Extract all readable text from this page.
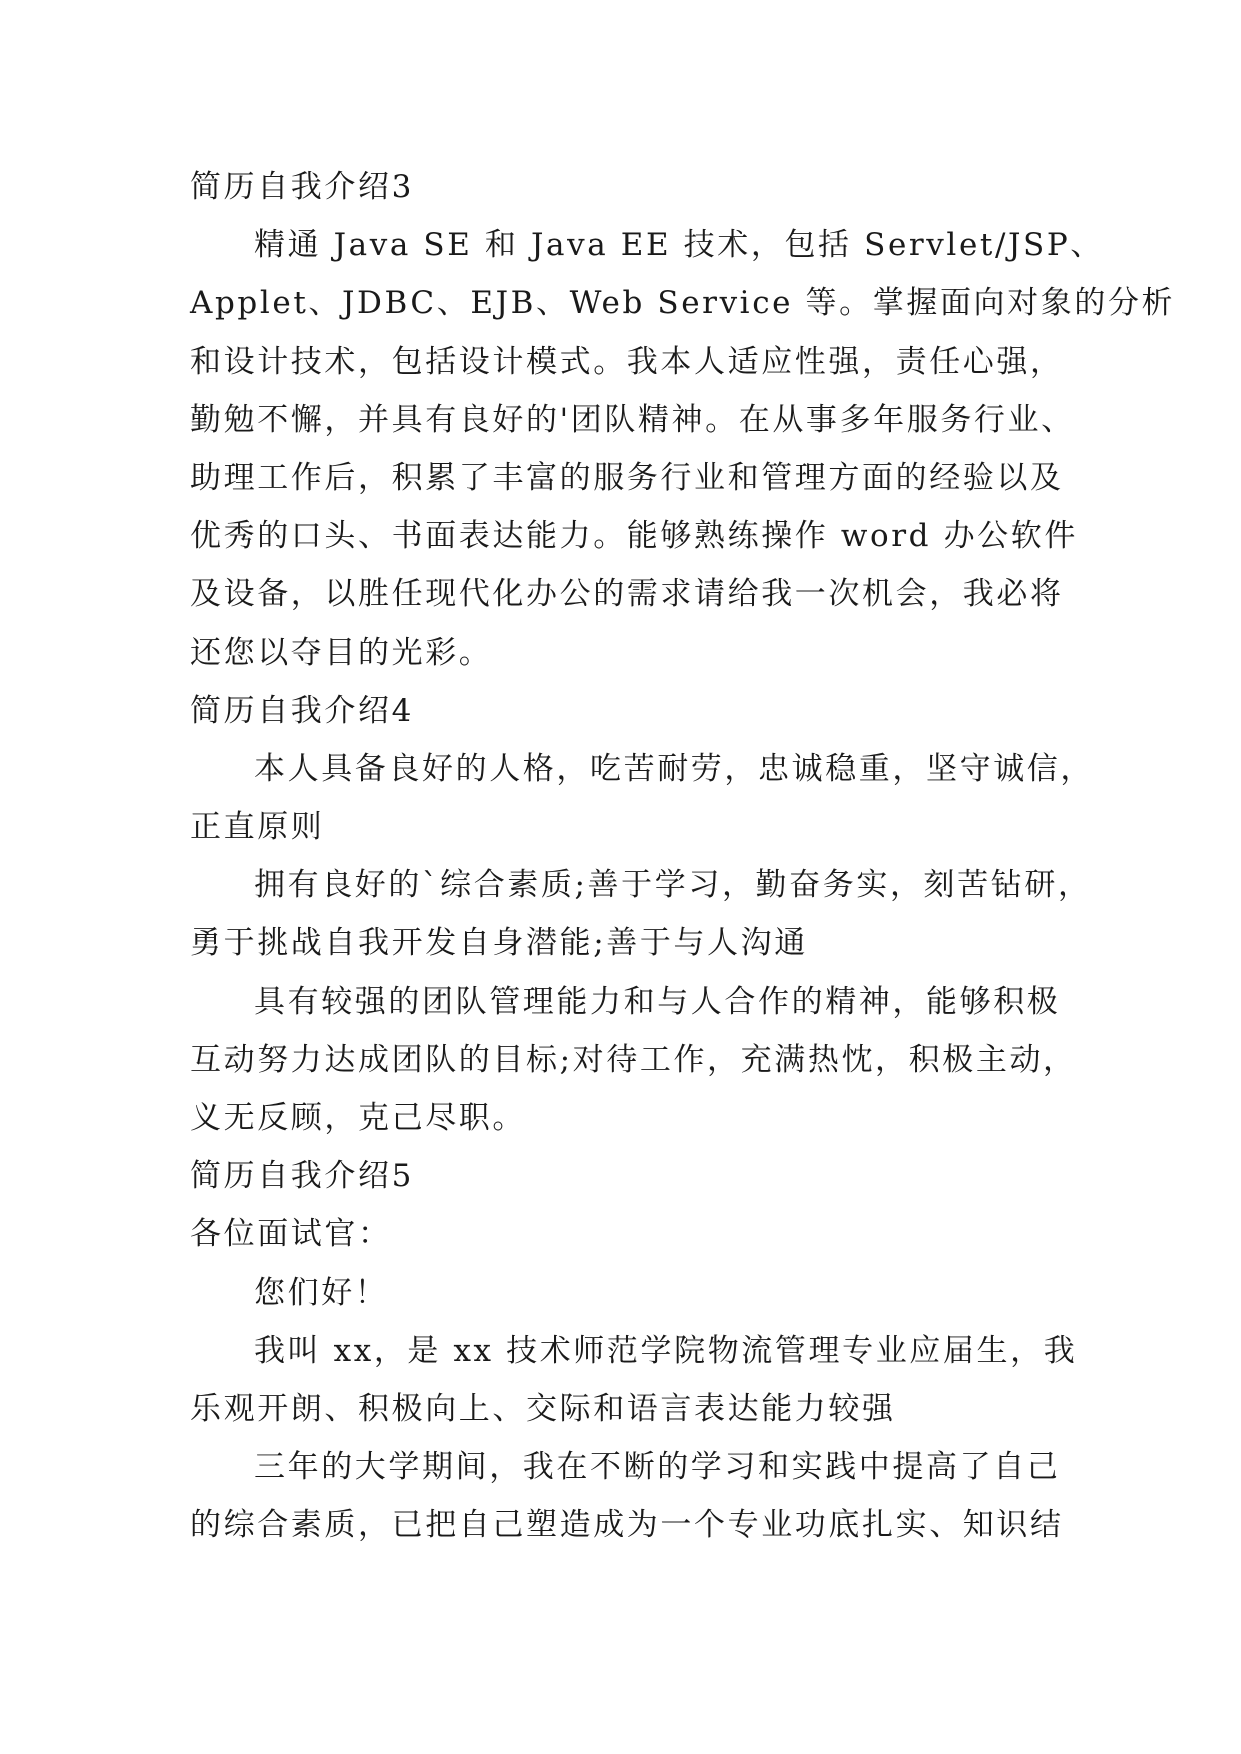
简历自我介绍3
精通 Java SE 和 Java EE 技术，包括 Servlet/JSP、
Applet、JDBC、EJB、Web Service 等。掌握面向对象的分析
和设计技术，包括设计模式。我本人适应性强，责任心强，
勤勉不懈，并具有良好的'团队精神。在从事多年服务行业、
助理工作后，积累了丰富的服务行业和管理方面的经验以及
优秀的口头、书面表达能力。能够熟练操作 word 办公软件
及设备，以胜任现代化办公的需求请给我一次机会，我必将
还您以夺目的光彩。
简历自我介绍4
本人具备良好的人格，吃苦耐劳，忠诚稳重，坚守诚信，
正直原则
拥有良好的`综合素质;善于学习，勤奋务实，刻苦钻研，
勇于挑战自我开发自身潜能;善于与人沟通
具有较强的团队管理能力和与人合作的精神，能够积极
互动努力达成团队的目标;对待工作，充满热忱，积极主动，
义无反顾，克己尽职。
简历自我介绍5
各位面试官：
您们好！
我叫 xx，是 xx 技术师范学院物流管理专业应届生，我
乐观开朗、积极向上、交际和语言表达能力较强
三年的大学期间，我在不断的学习和实践中提高了自己
的综合素质，已把自己塑造成为一个专业功底扎实、知识结
